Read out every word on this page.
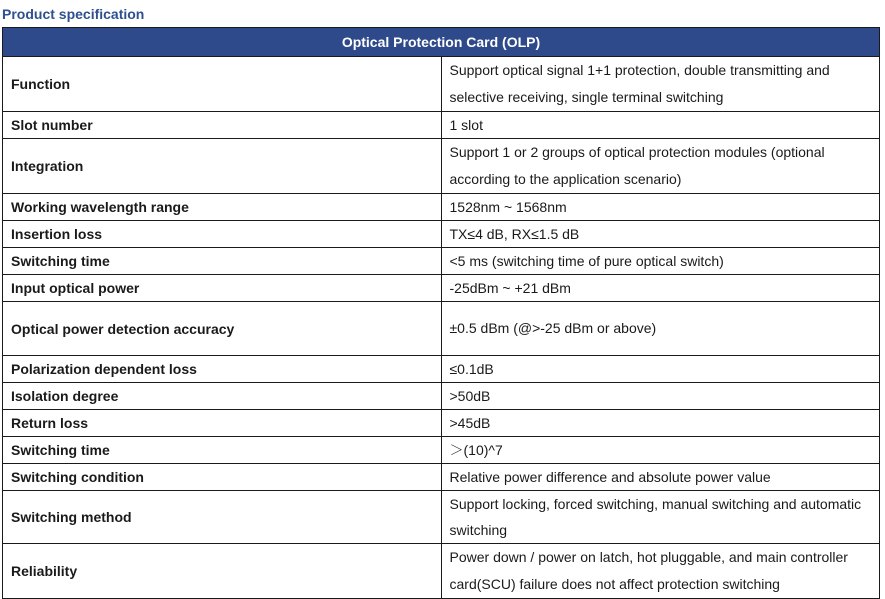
Product specification
Optical Protection Card (OLP)	
Function	Support optical signal 1+1 protection, double transmitting and selective receiving, single terminal switching
Slot number	1 slot
Integration	Support 1 or 2 groups of optical protection modules (optional according to the application scenario)
Working wavelength range	1528nm ~ 1568nm
Insertion loss	TX≤4 dB, RX≤1.5 dB
Switching time	<5 ms (switching time of pure optical switch)
Input optical power	-25dBm ~ +21 dBm
Optical power detection accuracy	±0.5 dBm (@>-25 dBm or above)
Polarization dependent loss	≤0.1dB
Isolation degree	>50dB
Return loss	>45dB
Switching time	＞(10)^7
Switching condition	Relative power difference and absolute power value
Switching method	Support locking, forced switching, manual switching and automatic switching
Reliability	Power down / power on latch, hot pluggable, and main controller card(SCU) failure does not affect protection switching
